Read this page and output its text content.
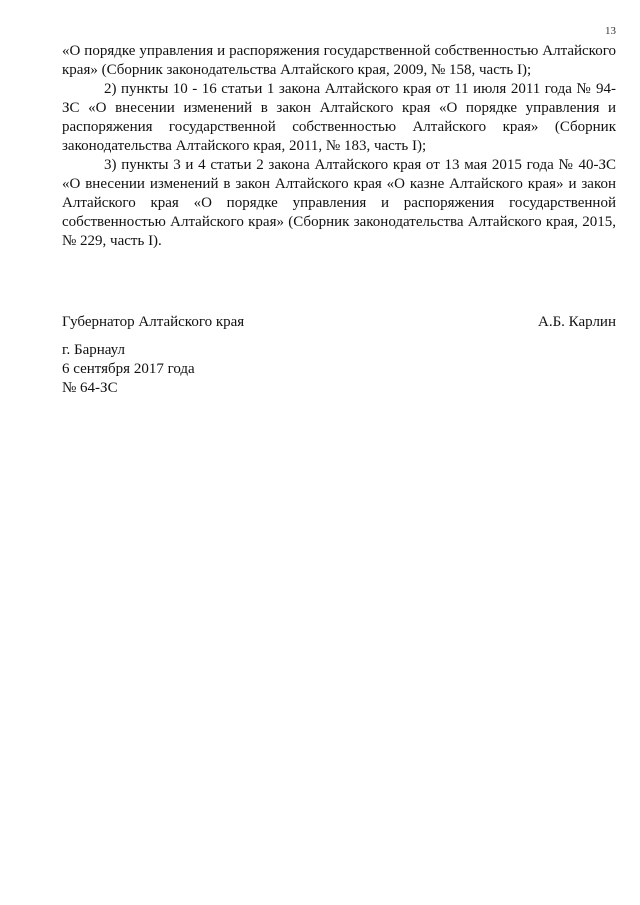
13

«О порядке управления и распоряжения государственной собственностью Алтайского края» (Сборник законодательства Алтайского края, 2009, № 158, часть I);

2) пункты 10 - 16 статьи 1 закона Алтайского края от 11 июля 2011 года № 94-ЗС «О внесении изменений в закон Алтайского края «О порядке управления и распоряжения государственной собственностью Алтайского края» (Сборник законодательства Алтайского края, 2011, № 183, часть I);

3) пункты 3 и 4 статьи 2 закона Алтайского края от 13 мая 2015 года № 40-ЗС «О внесении изменений в закон Алтайского края «О казне Алтайского края» и закон Алтайского края «О порядке управления и распоряжения государственной собственностью Алтайского края» (Сборник законодательства Алтайского края, 2015, № 229, часть I).

Губернатор Алтайского края	А.Б. Карлин
г. Барнаул
6 сентября 2017 года
№ 64-ЗС
